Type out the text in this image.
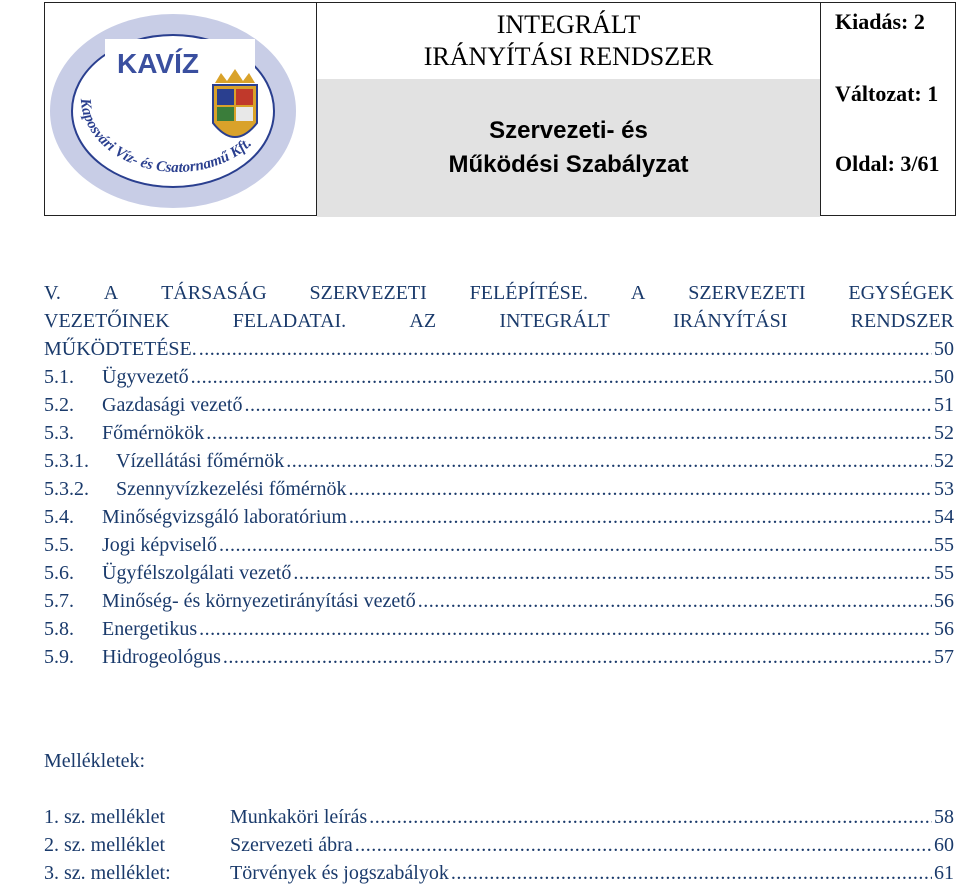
KAVÍZ
Kaposvári Víz- és Csatornamű Kft.
INTEGRÁLT
IRÁNYÍTÁSI RENDSZER
Szervezeti- és
Működési Szabályzat
Kiadás: 2
Változat: 1
Oldal: 3/61
V. A TÁRSASÁG SZERVEZETI FELÉPÍTÉSE. A SZERVEZETI EGYSÉGEK
VEZETŐINEK	FELADATAI.	AZ	INTEGRÁLT	IRÁNYÍTÁSI	RENDSZER
MŰKÖDTETÉSE. .....	50
5.1.	Ügyvezető .....	50
5.2.	Gazdasági vezető .....	51
5.3.	Főmérnökök .....	52
5.3.1.	Vízellátási főmérnök .....	52
5.3.2.	Szennyvízkezelési főmérnök .....	53
5.4.	Minőségvizsgáló laboratórium .....	54
5.5.	Jogi képviselő .....	55
5.6.	Ügyfélszolgálati vezető .....	55
5.7.	Minőség- és környezetirányítási vezető .....	56
5.8.	Energetikus .....	56
5.9.	Hidrogeológus .....	57
Mellékletek:
1. sz. melléklet	Munkaköri leírás .....	58
2. sz. melléklet	Szervezeti ábra .....	60
3. sz. melléklet:	Törvények és jogszabályok .....	61
